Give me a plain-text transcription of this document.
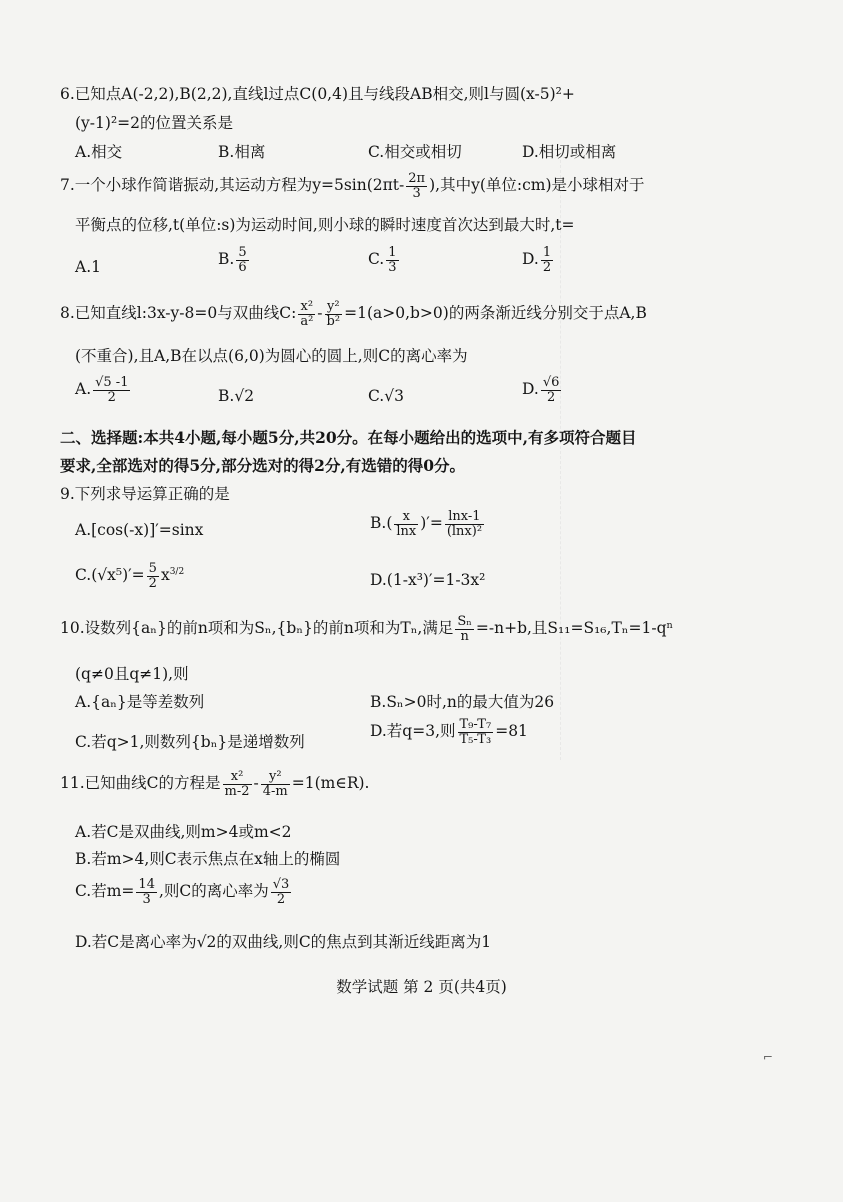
6.已知点A(-2,2),B(2,2),直线l过点C(0,4)且与线段AB相交,则l与圆(x-5)²+
(y-1)²=2的位置关系是
A.相交	B.相离	C.相交或相切	D.相切或相离
7.一个小球作简谐振动,其运动方程为$y=5\sin(2\pi t- \frac{2\pi}{3}$ ),其中y(单位:cm)是小球相对于
平衡点的位移,t(单位:s)为运动时间,则小球的瞬时速度首次达到最大时,t=
A.1	B. $\frac{5}{6}$	C. $\frac{1}{3}$	D. $\frac{1}{2}$
8.已知直线l:3x-y-8=0与双曲线C: $\frac{\text{x²}}{\text{a²}} - \frac{\text{y²}}{\text{b²}} =1(a>0,b>0)$的两条渐近线分别交于点A,B
(不重合),且A,B在以点(6,0)为圆心的圆上,则C的离心率为
A. $\frac{√5 -1}{2}$	B.√2	C.√3	D. $\frac{√6}{2}$
二、选择题:本共4小题,每小题5分,共20分。在每小题给出的选项中,有多项符合题目
要求,全部选对的得5分,部分选对的得2分,有选错的得0分。
9.下列求导运算正确的是
A.[cos(-x)]′=sinx	$B.( \frac{x}{\ln x}$ )′= $\frac{\ln x-1}{\text{(lnx)²}}$
$C.(√x^5)'= \frac{5}{2} x^{3/2}$	D.(1-x³)′=1-3x²
10.设数列{aₙ}的前n项和为Sₙ,{bₙ}的前n项和为Tₙ,满足 $\frac{\text{Sₙ}}{n} =-n+b$,且S₁₁=S₁₆,Tₙ=1-qⁿ
(q≠0且q≠1),则
A.{aₙ}是等差数列	B.Sₙ>0时,n的最大值为26
C.若q>1,则数列{bₙ}是递增数列
D.若q=3,则 $\frac{\text{T₉-T₇}}{\text{T₅-T₃}} =81$
11.已知曲线C的方程是 $\frac{\text{x²}}{m-2} - \frac{\text{y²}}{4-m}$ =1(m∈R).
A.若C是双曲线,则m>4或m<2
B.若m>4,则C表示焦点在x轴上的椭圆
C.若$m= \frac{14}{3}$ ,则C的离心率为 $\frac{√3}{2}$
D.若C是离心率为√2的双曲线,则C的焦点到其渐近线距离为1
数学试题 第 2 页(共4页)
⌐
